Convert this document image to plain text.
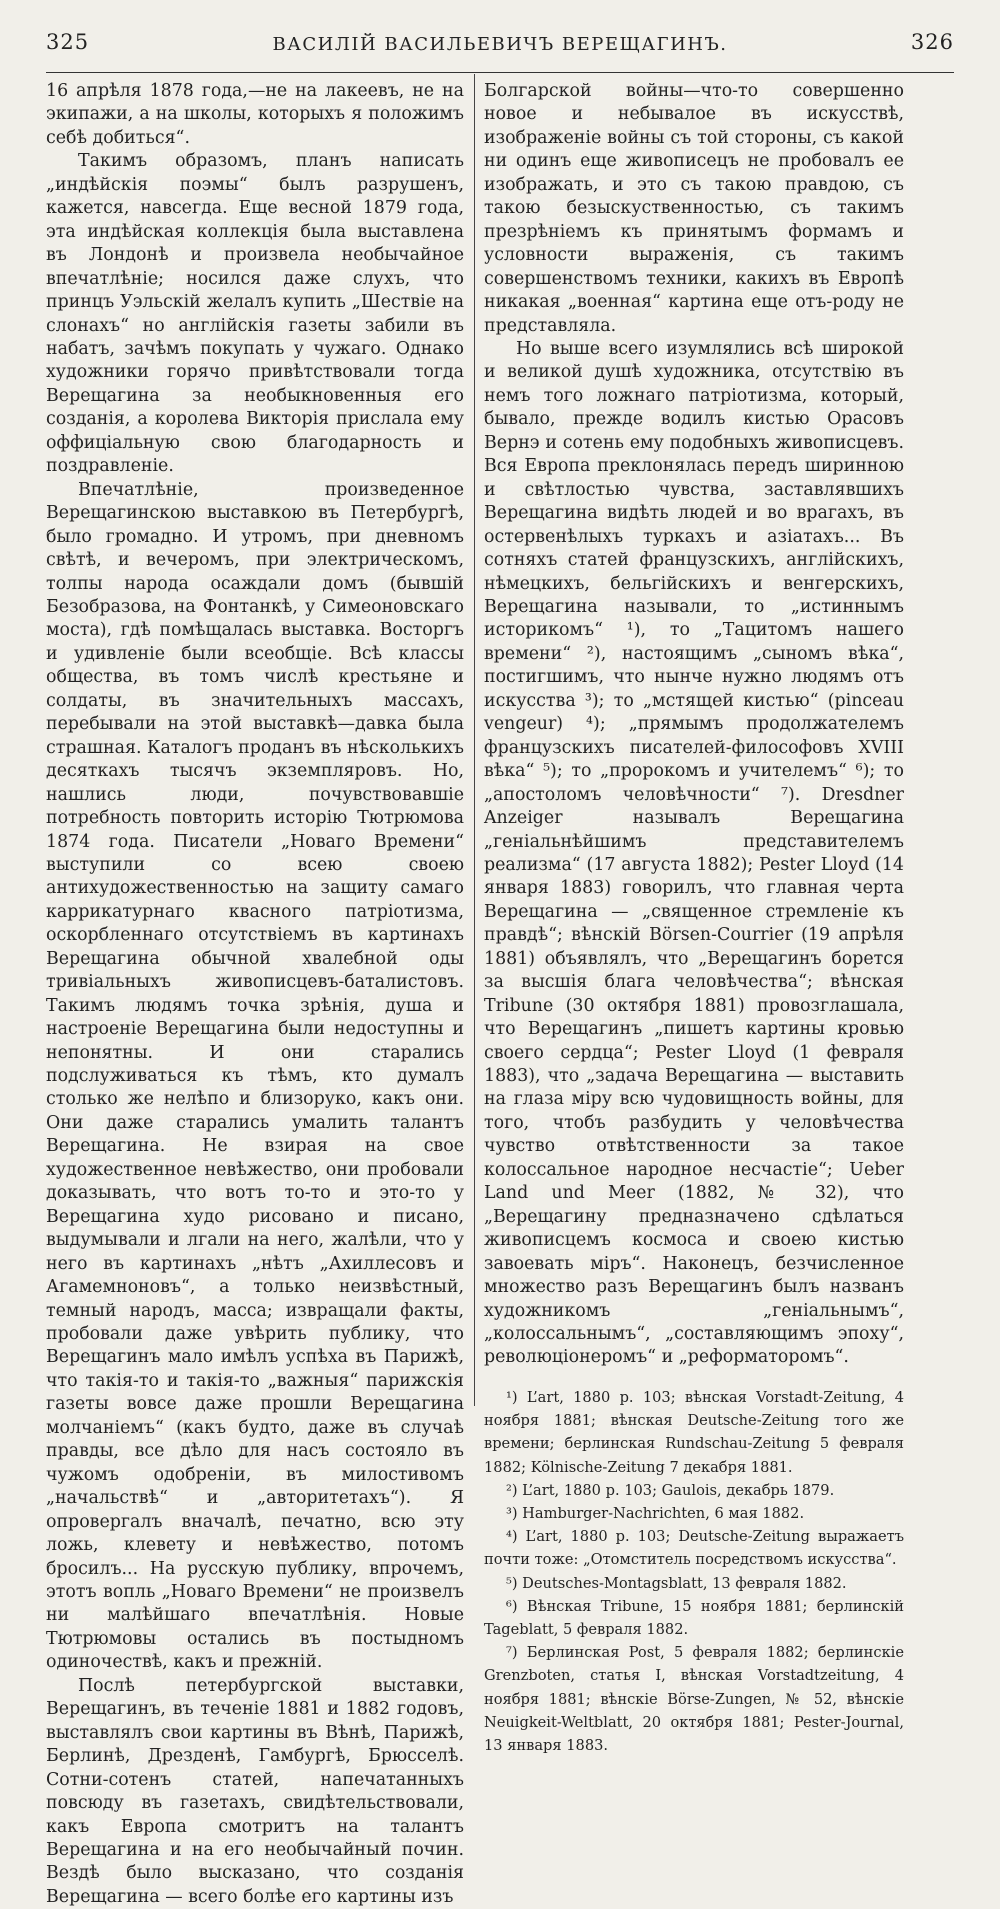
325	ВАСИЛІЙ ВАСИЛЬЕВИЧЪ ВЕРЕЩАГИНЪ.	326

16 апрѣля 1878 года,—не на лакеевъ, не на экипажи, а на школы, которыхъ я положимъ себѣ добиться“.

Такимъ образомъ, планъ написать „индѣйскія поэмы“ былъ разрушенъ, кажется, навсегда. Еще весной 1879 года, эта индѣйская коллекція была выставлена въ Лондонѣ и произвела необычайное впечатлѣніе; носился даже слухъ, что принцъ Уэльскій желалъ купить „Шествіе на слонахъ“ но англійскія газеты забили въ набатъ, зачѣмъ покупать у чужаго. Однако художники горячо привѣтствовали тогда Верещагина за необыкновенныя его созданія, а королева Викторія прислала ему оффиціальную свою благодарность и поздравленіе.

Впечатлѣніе, произведенное Верещагинскою выставкою въ Петербургѣ, было громадно. И утромъ, при дневномъ свѣтѣ, и вечеромъ, при электрическомъ, толпы народа осаждали домъ (бывшій Безобразова, на Фонтанкѣ, у Симеоновскаго моста), гдѣ помѣщалась выставка. Восторгъ и удивленіе были всеобщіе. Всѣ классы общества, въ томъ числѣ крестьяне и солдаты, въ значительныхъ массахъ, перебывали на этой выставкѣ—давка была страшная. Каталогъ проданъ въ нѣсколькихъ десяткахъ тысячъ экземпляровъ. Но, нашлись люди, почувствовавшіе потребность повторить исторію Тютрюмова 1874 года. Писатели „Новаго Времени“ выступили со всею своею антихудожественностью на защиту самаго каррикатурнаго квасного патріотизма, оскорбленнаго отсутствіемъ въ картинахъ Верещагина обычной хвалебной оды тривіальныхъ живописцевъ-баталистовъ. Такимъ людямъ точка зрѣнія, душа и настроеніе Верещагина были недоступны и непонятны. И они старались подслуживаться къ тѣмъ, кто думалъ столько же нелѣпо и близоруко, какъ они. Они даже старались умалить талантъ Верещагина. Не взирая на свое художественное невѣжество, они пробовали доказывать, что вотъ то-то и это-то у Верещагина худо рисовано и писано, выдумывали и лгали на него, жалѣли, что у него въ картинахъ „нѣтъ „Ахиллесовъ и Агамемноновъ“, а только неизвѣстный, темный народъ, масса; извращали факты, пробовали даже увѣрить публику, что Верещагинъ мало имѣлъ успѣха въ Парижѣ, что такія-то и такія-то „важныя“ парижскія газеты вовсе даже прошли Верещагина молчаніемъ“ (какъ будто, даже въ случаѣ правды, все дѣло для насъ состояло въ чужомъ одобреніи, въ милостивомъ „начальствѣ“ и „авторитетахъ“). Я опровергалъ вначалѣ, печатно, всю эту ложь, клевету и невѣжество, потомъ бросилъ... На русскую публику, впрочемъ, этотъ вопль „Новаго Времени“ не произвелъ ни малѣйшаго впечатлѣнія. Новые Тютрюмовы остались въ постыдномъ одиночествѣ, какъ и прежній.

Послѣ петербургской выставки, Верещагинъ, въ теченіе 1881 и 1882 годовъ, выставлялъ свои картины въ Вѣнѣ, Парижѣ, Берлинѣ, Дрезденѣ, Гамбургѣ, Брюсселѣ. Сотни-сотенъ статей, напечатанныхъ повсюду въ газетахъ, свидѣтельствовали, какъ Европа смотритъ на талантъ Верещагина и на его необычайный почин. Вездѣ было высказано, что созданія Верещагина — всего болѣе его картины изъ

Болгарской войны—что-то совершенно новое и небывалое въ искусствѣ, изображеніе войны съ той стороны, съ какой ни одинъ еще живописецъ не пробовалъ ее изображать, и это съ такою правдою, съ такою безыскуственностью, съ такимъ презрѣніемъ къ принятымъ формамъ и условности выраженія, съ такимъ совершенствомъ техники, какихъ въ Европѣ никакая „военная“ картина еще отъ-роду не представляла.

Но выше всего изумлялись всѣ широкой и великой душѣ художника, отсутствію въ немъ того ложнаго патріотизма, который, бывало, прежде водилъ кистью Орасовъ Вернэ и сотень ему подобныхъ живописцевъ. Вся Европа преклонялась передъ ширинною и свѣтлостью чувства, заставлявшихъ Верещагина видѣть людей и во врагахъ, въ остервенѣлыхъ туркахъ и азіатахъ... Въ сотняхъ статей французскихъ, англійскихъ, нѣмецкихъ, бельгійскихъ и венгерскихъ, Верещагина называли, то „истиннымъ историкомъ“ ¹), то „Тацитомъ нашего времени“ ²), настоящимъ „сыномъ вѣка“, постигшимъ, что нынче нужно людямъ отъ искусства ³); то „мстящей кистью“ (pinceau vengeur) ⁴); „прямымъ продолжателемъ французскихъ писателей-философовъ XVIII вѣка“ ⁵); то „пророкомъ и учителемъ“ ⁶); то „апостоломъ человѣчности“ ⁷). Dresdner Anzeiger называлъ Верещагина „геніальнѣйшимъ представителемъ реализма“ (17 августа 1882); Pester Lloyd (14 января 1883) говорилъ, что главная черта Верещагина — „священное стремленіе къ правдѣ“; вѣнскій Börsen-Courrier (19 апрѣля 1881) объявлялъ, что „Верещагинъ борется за высшія блага человѣчества“; вѣнская Tribune (30 октября 1881) провозглашала, что Верещагинъ „пишетъ картины кровью своего сердца“; Pester Lloyd (1 февраля 1883), что „задача Верещагина — выставить на глаза міру всю чудовищность войны, для того, чтобъ разбудить у человѣчества чувство отвѣтственности за такое колоссальное народное несчастіе“; Ueber Land und Meer (1882, № 32), что „Верещагину предназначено сдѣлаться живописцемъ космоса и своею кистью завоевать міръ“. Наконецъ, безчисленное множество разъ Верещагинъ былъ названъ художникомъ „геніальнымъ“, „колоссальнымъ“, „составляющимъ эпоху“, революціонеромъ“ и „реформаторомъ“.

¹) L’art, 1880 p. 103; вѣнская Vorstadt-Zeitung, 4 ноября 1881; вѣнская Deutsche-Zeitung того же времени; берлинская Rundschau-Zeitung 5 февраля 1882; Kölnische-Zeitung 7 декабря 1881.

²) L’art, 1880 p. 103; Gaulois, декабрь 1879.

³) Hamburger-Nachrichten, 6 мая 1882.

⁴) L’art, 1880 p. 103; Deutsche-Zeitung выражаетъ почти тоже: „Отомститель посредствомъ искусства“.

⁵) Deutsches-Montagsblatt, 13 февраля 1882.

⁶) Вѣнская Tribune, 15 ноября 1881; берлинскій Tageblatt, 5 февраля 1882.

⁷) Берлинская Post, 5 февраля 1882; берлинскіе Grenzboten, статья I, вѣнская Vorstadtzeitung, 4 ноября 1881; вѣнскіе Börse-Zungen, № 52, вѣнскіе Neuigkeit-Weltblatt, 20 октября 1881; Pester-Journal, 13 января 1883.
